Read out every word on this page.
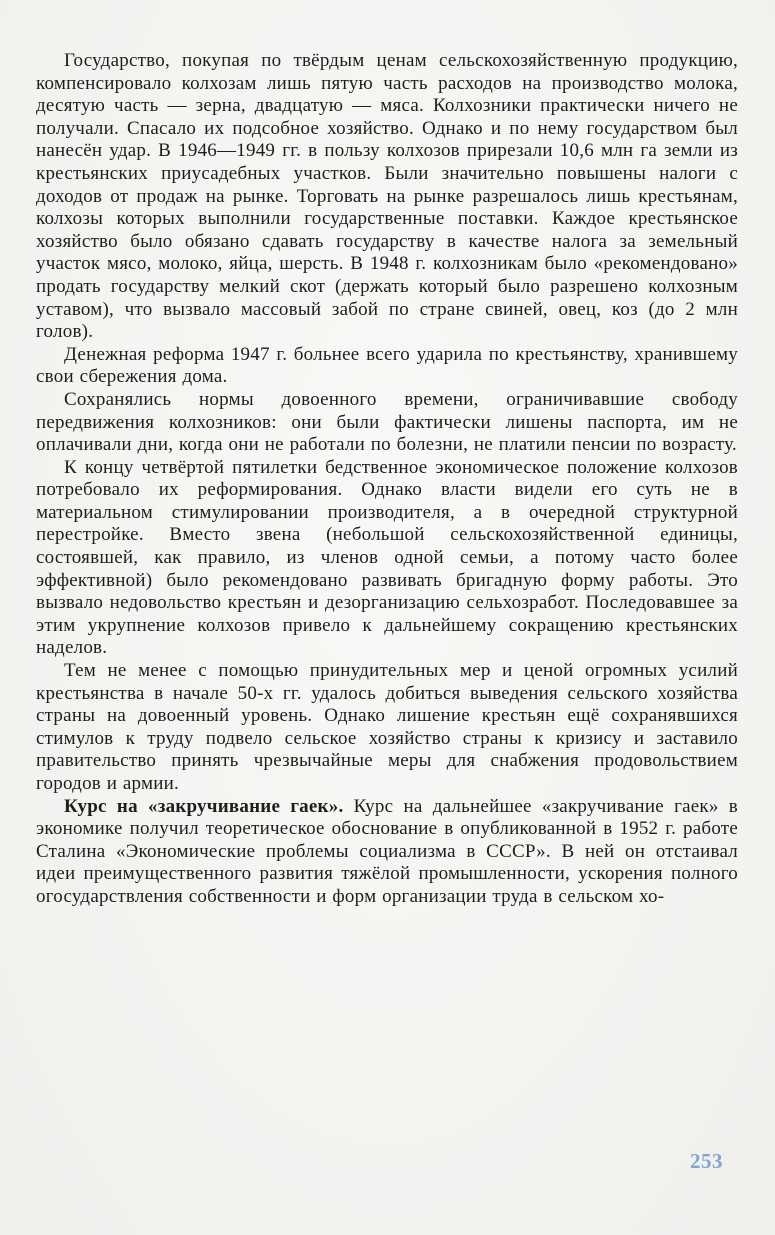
Государство, покупая по твёрдым ценам сельскохозяйственную продукцию, компенсировало колхозам лишь пятую часть расходов на производство молока, десятую часть — зерна, двадцатую — мяса. Колхозники практически ничего не получали. Спасало их подсобное хозяйство. Однако и по нему государством был нанесён удар. В 1946—1949 гг. в пользу колхозов прирезали 10,6 млн га земли из крестьянских приусадебных участков. Были значительно повышены налоги с доходов от продаж на рынке. Торговать на рынке разрешалось лишь крестьянам, колхозы которых выполнили государственные поставки. Каждое крестьянское хозяйство было обязано сдавать государству в качестве налога за земельный участок мясо, молоко, яйца, шерсть. В 1948 г. колхозникам было «рекомендовано» продать государству мелкий скот (держать который было разрешено колхозным уставом), что вызвало массовый забой по стране свиней, овец, коз (до 2 млн голов).

Денежная реформа 1947 г. больнее всего ударила по крестьянству, хранившему свои сбережения дома.

Сохранялись нормы довоенного времени, ограничивавшие свободу передвижения колхозников: они были фактически лишены паспорта, им не оплачивали дни, когда они не работали по болезни, не платили пенсии по возрасту.

К концу четвёртой пятилетки бедственное экономическое положение колхозов потребовало их реформирования. Однако власти видели его суть не в материальном стимулировании производителя, а в очередной структурной перестройке. Вместо звена (небольшой сельскохозяйственной единицы, состоявшей, как правило, из членов одной семьи, а потому часто более эффективной) было рекомендовано развивать бригадную форму работы. Это вызвало недовольство крестьян и дезорганизацию сельхозработ. Последовавшее за этим укрупнение колхозов привело к дальнейшему сокращению крестьянских наделов.

Тем не менее с помощью принудительных мер и ценой огромных усилий крестьянства в начале 50-х гг. удалось добиться выведения сельского хозяйства страны на довоенный уровень. Однако лишение крестьян ещё сохранявшихся стимулов к труду подвело сельское хозяйство страны к кризису и заставило правительство принять чрезвычайные меры для снабжения продовольствием городов и армии.

Курс на «закручивание гаек». Курс на дальнейшее «закручивание гаек» в экономике получил теоретическое обоснование в опубликованной в 1952 г. работе Сталина «Экономические проблемы социализма в СССР». В ней он отстаивал идеи преимущественного развития тяжёлой промышленности, ускорения полного огосударствления собственности и форм организации труда в сельском хо-

253
